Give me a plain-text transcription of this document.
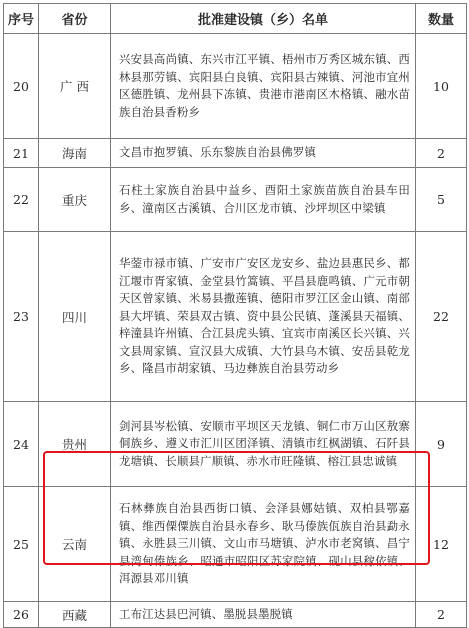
序号	省份	批准建设镇（乡）名单	数量
20	广 西	兴安县高尚镇、东兴市江平镇、梧州市万秀区城东镇、西林县那劳镇、宾阳县白良镇、宾阳县古辣镇、河池市宜州区德胜镇、龙州县下冻镇、贵港市港南区木格镇、融水苗族自治县香粉乡	10
21	海南	文昌市抱罗镇、乐东黎族自治县佛罗镇	2
22	重庆	石柱土家族自治县中益乡、酉阳土家族苗族自治县车田乡、潼南区古溪镇、合川区龙市镇、沙坪坝区中梁镇	5
23	四川	华蓥市禄市镇、广安市广安区龙安乡、盐边县惠民乡、都江堰市胥家镇、金堂县竹篙镇、平昌县鹿鸣镇、广元市朝天区曾家镇、米易县撒莲镇、德阳市罗江区金山镇、南部县大坪镇、荣县双古镇、资中县公民镇、蓬溪县天福镇、梓潼县许州镇、合江县虎头镇、宜宾市南溪区长兴镇、兴文县周家镇、宣汉县大成镇、大竹县乌木镇、安岳县乾龙乡、隆昌市胡家镇、马边彝族自治县劳动乡	22
24	贵州	剑河县岑松镇、安顺市平坝区天龙镇、铜仁市万山区敖寨侗族乡、遵义市汇川区团泽镇、清镇市红枫湖镇、石阡县龙塘镇、长顺县广顺镇、赤水市旺隆镇、榕江县忠诚镇	9
25	云南	石林彝族自治县西街口镇、会泽县娜姑镇、双柏县鄂嘉镇、维西傈僳族自治县永春乡、耿马傣族佤族自治县勐永镇、永胜县三川镇、文山市马塘镇、泸水市老窝镇、昌宁县湾甸傣族乡、昭通市昭阳区苏家院镇、砚山县稼依镇、洱源县邓川镇	12
26	西藏	工布江达县巴河镇、墨脱县墨脱镇	2
